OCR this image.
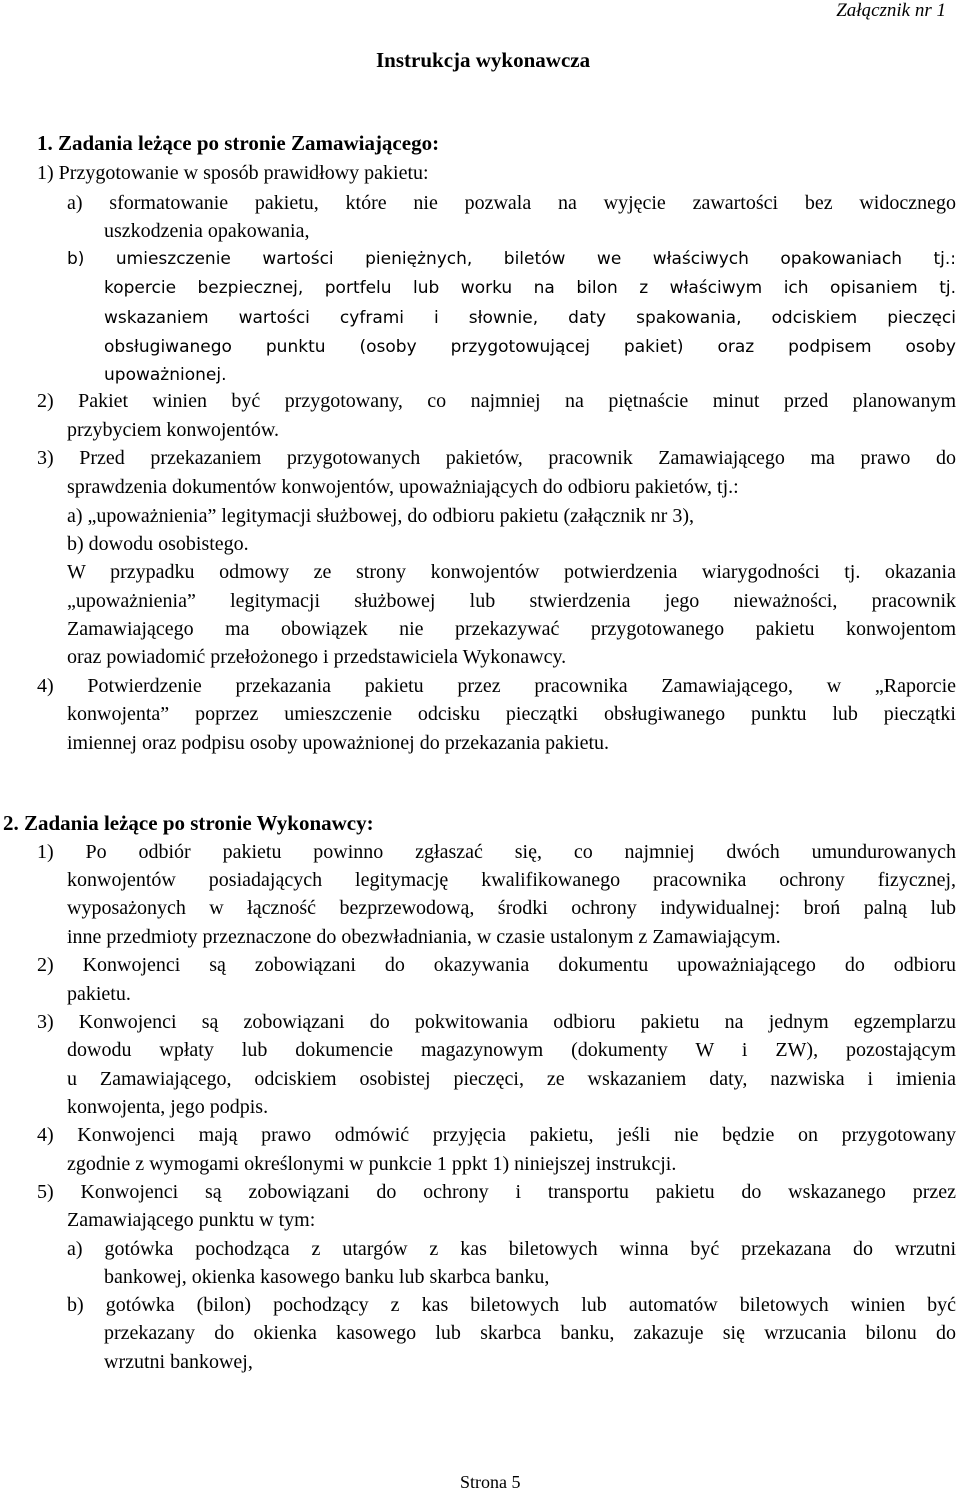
Załącznik nr 1
Instrukcja wykonawcza
1. Zadania leżące po stronie Zamawiającego:
1) Przygotowanie w sposób prawidłowy pakietu:
a) sformatowanie pakietu, które nie pozwala na wyjęcie zawartości bez widocznego
uszkodzenia opakowania,
b) umieszczenie wartości pieniężnych, biletów we właściwych opakowaniach tj.:
kopercie bezpiecznej, portfelu lub worku na bilon z właściwym ich opisaniem tj.
wskazaniem wartości cyframi i słownie, daty spakowania, odciskiem pieczęci
obsługiwanego punktu (osoby przygotowującej pakiet) oraz podpisem osoby
upoważnionej.
2) Pakiet winien być przygotowany, co najmniej na piętnaście minut przed planowanym
przybyciem konwojentów.
3) Przed przekazaniem przygotowanych pakietów, pracownik Zamawiającego ma prawo do
sprawdzenia dokumentów konwojentów, upoważniających do odbioru pakietów, tj.:
a) „upoważnienia” legitymacji służbowej, do odbioru pakietu (załącznik nr 3),
b) dowodu osobistego.
W przypadku odmowy ze strony konwojentów potwierdzenia wiarygodności tj. okazania
„upoważnienia” legitymacji służbowej lub stwierdzenia jego nieważności, pracownik
Zamawiającego ma obowiązek nie przekazywać przygotowanego pakietu konwojentom
oraz powiadomić przełożonego i przedstawiciela Wykonawcy.
4) Potwierdzenie przekazania pakietu przez pracownika Zamawiającego, w „Raporcie
konwojenta” poprzez umieszczenie odcisku pieczątki obsługiwanego punktu lub pieczątki
imiennej oraz podpisu osoby upoważnionej do przekazania pakietu.
2. Zadania leżące po stronie Wykonawcy:
1) Po odbiór pakietu powinno zgłaszać się, co najmniej dwóch umundurowanych
konwojentów posiadających legitymację kwalifikowanego pracownika ochrony fizycznej,
wyposażonych w łączność bezprzewodową, środki ochrony indywidualnej: broń palną lub
inne przedmioty przeznaczone do obezwładniania, w czasie ustalonym z Zamawiającym.
2) Konwojenci są zobowiązani do okazywania dokumentu upoważniającego do odbioru
pakietu.
3) Konwojenci są zobowiązani do pokwitowania odbioru pakietu na jednym egzemplarzu
dowodu wpłaty lub dokumencie magazynowym (dokumenty W i ZW), pozostającym
u Zamawiającego, odciskiem osobistej pieczęci, ze wskazaniem daty, nazwiska i imienia
konwojenta, jego podpis.
4) Konwojenci mają prawo odmówić przyjęcia pakietu, jeśli nie będzie on przygotowany
zgodnie z wymogami określonymi w punkcie 1 ppkt 1) niniejszej instrukcji.
5) Konwojenci są zobowiązani do ochrony i transportu pakietu do wskazanego przez
Zamawiającego punktu w tym:
a) gotówka pochodząca z utargów z kas biletowych winna być przekazana do wrzutni
bankowej, okienka kasowego banku lub skarbca banku,
b) gotówka (bilon) pochodzący z kas biletowych lub automatów biletowych winien być
przekazany do okienka kasowego lub skarbca banku, zakazuje się wrzucania bilonu do
wrzutni bankowej,
Strona 5
